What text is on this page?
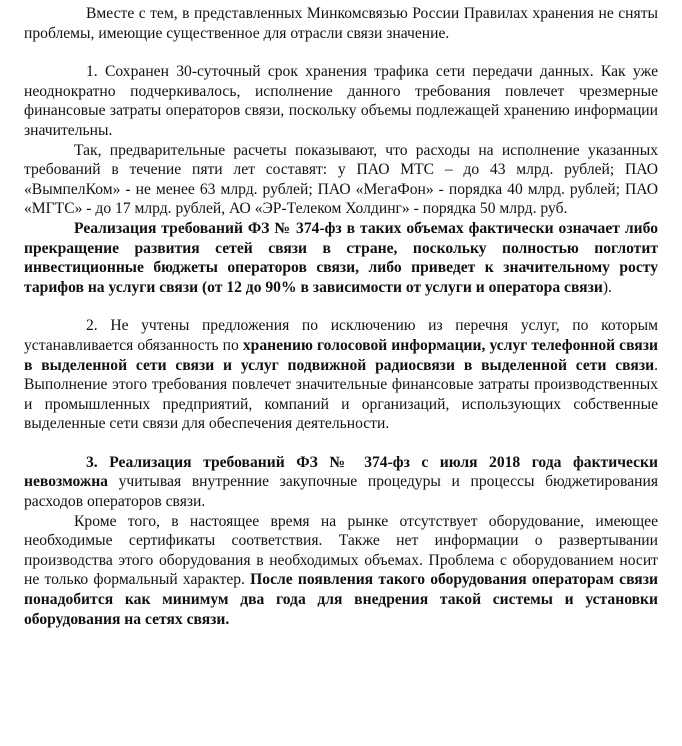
Вместе с тем, в представленных Минкомсвязью России Правилах хранения не сняты проблемы, имеющие существенное для отрасли связи значение.

1. Сохранен 30-суточный срок хранения трафика сети передачи данных. Как уже неоднократно подчеркивалось, исполнение данного требования повлечет чрезмерные финансовые затраты операторов связи, поскольку объемы подлежащей хранению информации значительны.

Так, предварительные расчеты показывают, что расходы на исполнение указанных требований в течение пяти лет составят: у ПАО МТС – до 43 млрд. рублей; ПАО «ВымпелКом» - не менее 63 млрд. рублей; ПАО «МегаФон» - порядка 40 млрд. рублей; ПАО «МГТС» - до 17 млрд. рублей, АО «ЭР-Телеком Холдинг» - порядка 50 млрд. руб.

Реализация требований ФЗ № 374-фз в таких объемах фактически означает либо прекращение развития сетей связи в стране, поскольку полностью поглотит инвестиционные бюджеты операторов связи, либо приведет к значительному росту тарифов на услуги связи (от 12 до 90% в зависимости от услуги и оператора связи).

2. Не учтены предложения по исключению из перечня услуг, по которым устанавливается обязанность по хранению голосовой информации, услуг телефонной связи в выделенной сети связи и услуг подвижной радиосвязи в выделенной сети связи. Выполнение этого требования повлечет значительные финансовые затраты производственных и промышленных предприятий, компаний и организаций, использующих собственные выделенные сети связи для обеспечения деятельности.

3. Реализация требований ФЗ № 374-фз с июля 2018 года фактически невозможна учитывая внутренние закупочные процедуры и процессы бюджетирования расходов операторов связи.

Кроме того, в настоящее время на рынке отсутствует оборудование, имеющее необходимые сертификаты соответствия. Также нет информации о развертывании производства этого оборудования в необходимых объемах. Проблема с оборудованием носит не только формальный характер. После появления такого оборудования операторам связи понадобится как минимум два года для внедрения такой системы и установки оборудования на сетях связи.
